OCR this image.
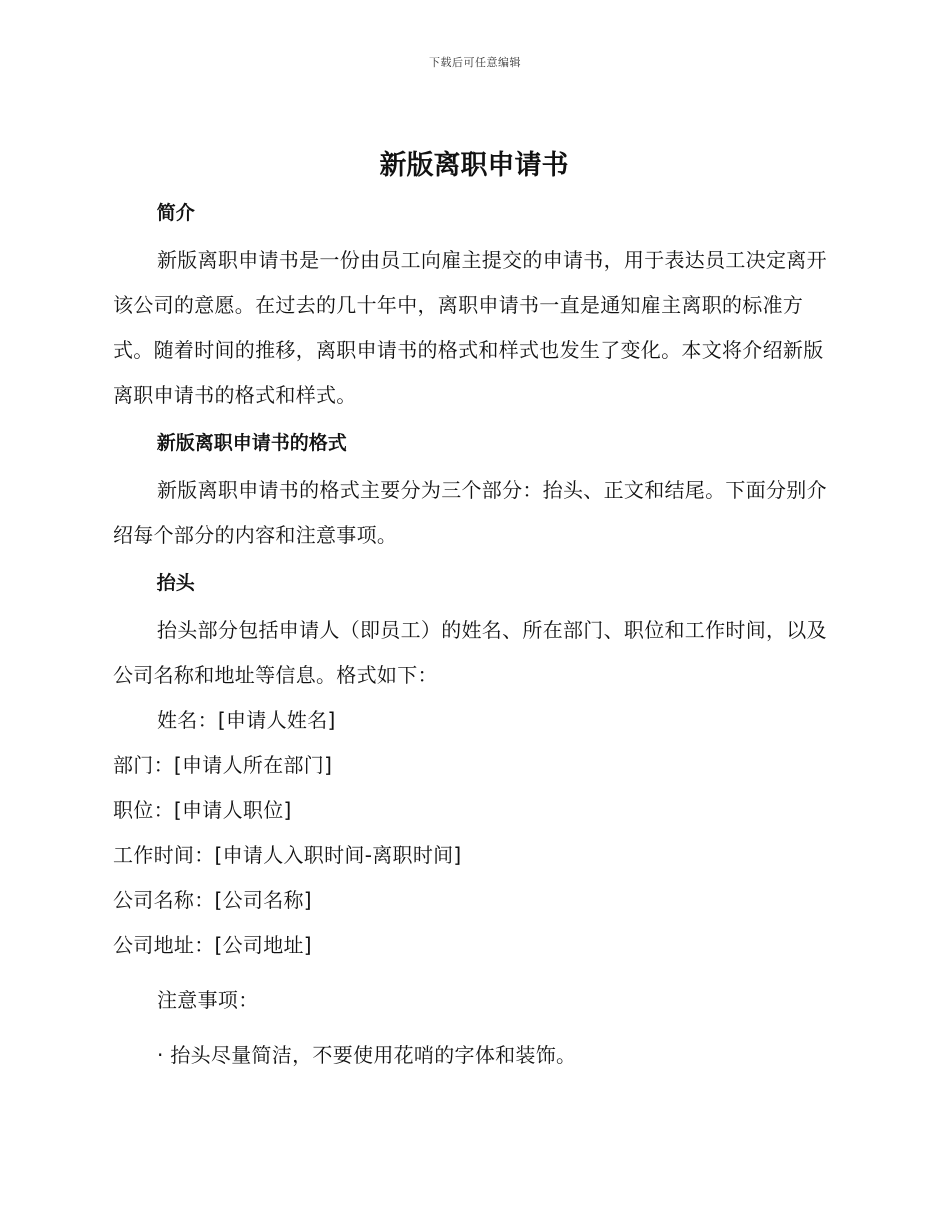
下载后可任意编辑
新版离职申请书

简介

新版离职申请书是一份由员工向雇主提交的申请书，用于表达员工决定离开该公司的意愿。在过去的几十年中，离职申请书一直是通知雇主离职的标准方式。随着时间的推移，离职申请书的格式和样式也发生了变化。本文将介绍新版离职申请书的格式和样式。

新版离职申请书的格式

新版离职申请书的格式主要分为三个部分：抬头、正文和结尾。下面分别介绍每个部分的内容和注意事项。

抬头

抬头部分包括申请人（即员工）的姓名、所在部门、职位和工作时间，以及公司名称和地址等信息。格式如下：

姓名：[申请人姓名]

部门：[申请人所在部门]

职位：[申请人职位]

工作时间：[申请人入职时间-离职时间]

公司名称：[公司名称]

公司地址：[公司地址]

注意事项：

· 抬头尽量简洁，不要使用花哨的字体和装饰。
